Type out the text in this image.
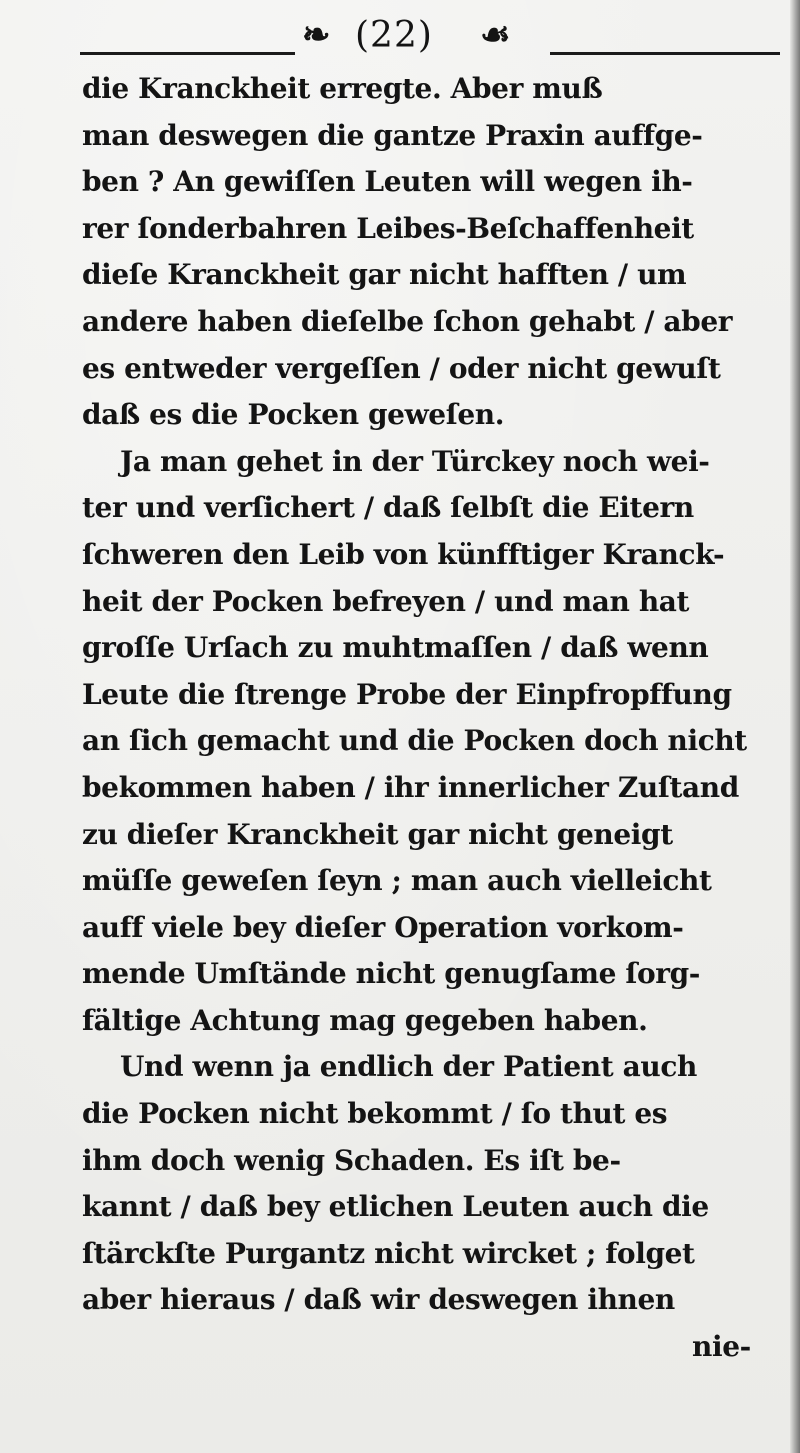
❧ (22) ☙
die Kranckheit erregte. Aber muß
man deswegen die gantze Praxin auffge-
ben ? An gewiſſen Leuten will wegen ih-
rer ſonderbahren Leibes-Beſchaffenheit
dieſe Kranckheit gar nicht hafften / um
andere haben dieſelbe ſchon gehabt / aber
es entweder vergeſſen / oder nicht gewuſt
daß es die Pocken geweſen.
Ja man gehet in der Türckey noch wei-
ter und verſichert / daß ſelbſt die Eitern
ſchweren den Leib von künfftiger Kranck-
heit der Pocken befreyen / und man hat
groſſe Urſach zu muhtmaſſen / daß wenn
Leute die ſtrenge Probe der Einpfropffung
an ſich gemacht und die Pocken doch nicht
bekommen haben / ihr innerlicher Zuſtand
zu dieſer Kranckheit gar nicht geneigt
müſſe geweſen ſeyn ; man auch vielleicht
auff viele bey dieſer Operation vorkom-
mende Umſtände nicht genugſame ſorg-
fältige Achtung mag gegeben haben.
Und wenn ja endlich der Patient auch
die Pocken nicht bekommt / ſo thut es
ihm doch wenig Schaden. Es iſt be-
kannt / daß bey etlichen Leuten auch die
ſtärckſte Purgantz nicht wircket ; folget
aber hieraus / daß wir deswegen ihnen
nie-
